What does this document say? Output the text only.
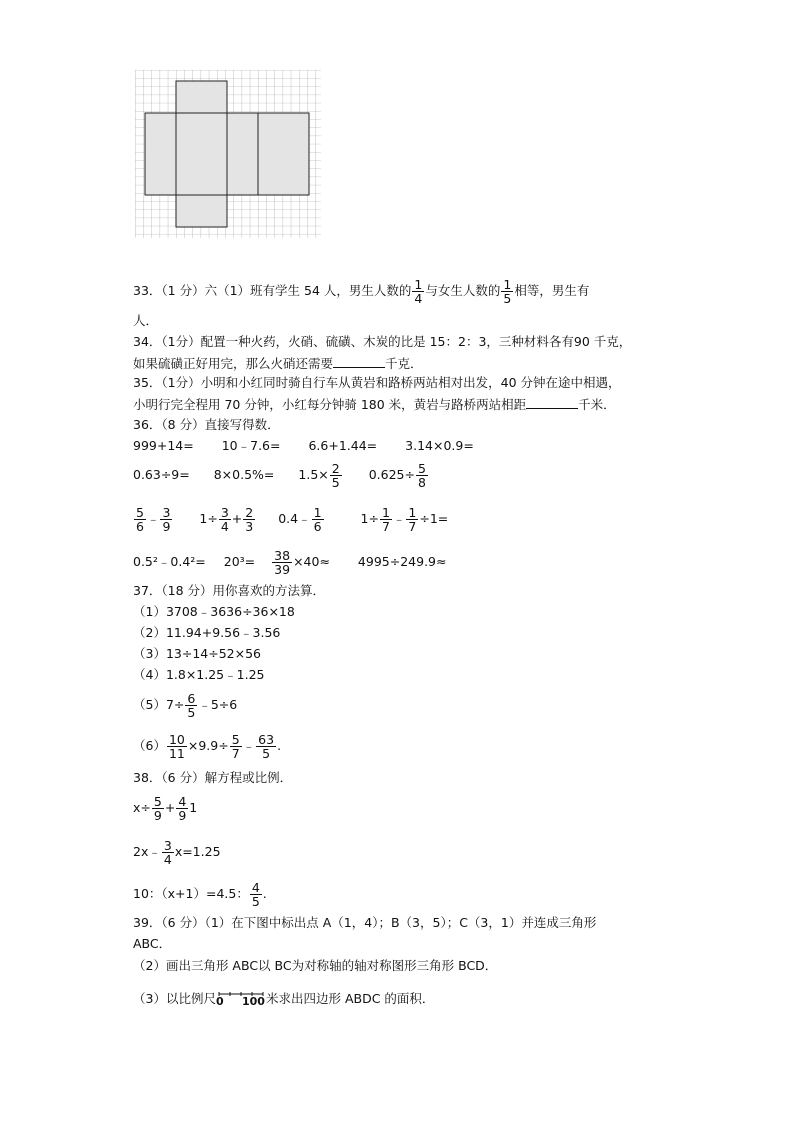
33．（1 分）六（1）班有学生 54 人，男生人数的 $\frac{1}{4}$ 与女生人数的 $\frac{1}{5}$ 相等，男生有
人．
34．（1分）配置一种火药，火硝、硫磺、木炭的比是 15：2：3，三种材料各有90 千克，
如果硫磺正好用完，那么火硝还需要	千克．
35．（1分）小明和小红同时骑自行车从黄岩和路桥两站相对出发，40 分钟在途中相遇，
小明行完全程用 70 分钟，小红每分钟骑 180 米，黄岩与路桥两站相距	千米．
36．（8 分）直接写得数．
999+14= 10﹣7.6= 6.6+1.44= 3.14×0.9=
$0.63\div 9= 8\times 0.5\%= 1.5\times \frac{2}{5} 0.625\div \frac{5}{8}$
$\frac{5}{6}$ ﹣ $\frac{3}{9} 1\div \frac{3}{4} + \frac{2}{3}$ 0.4﹣ $\frac{1}{6}$	$1\div \frac{1}{7}$ ﹣ $\frac{1}{7} \div 1=$
0.5²﹣0.4²= $20^3= \frac{38}{39} \times 40\approx 4995\div 249.9\approx$
37．（18 分）用你喜欢的方法算．
（1）3708﹣3636÷36×18
（2）11.94+9.56﹣3.56
（3）13÷14÷52×56
（4）1.8×1.25﹣1.25
$(5)7\div \frac{6}{5}$ ﹣5÷6
$(6) \frac{10}{11} \times 9.9\div \frac{5}{7}$ ﹣ $\frac{63}{5}$ .
38．（6 分）解方程或比例．
$x\div \frac{5}{9} + \frac{4}{9} 1$
2x﹣ $\frac{3}{4} x=1.25$
10：（x+1）=4.5： $\frac{4}{5}$ .
39．（6 分）（1）在下图中标出点 A（1，4）；B（3，5）；C（3，1）并连成三角形
ABC．
（2）画出三角形 ABC以 BC为对称轴的轴对称图形三角形 BCD．
（3）以比例尺 0 100 米求出四边形 ABDC 的面积．
